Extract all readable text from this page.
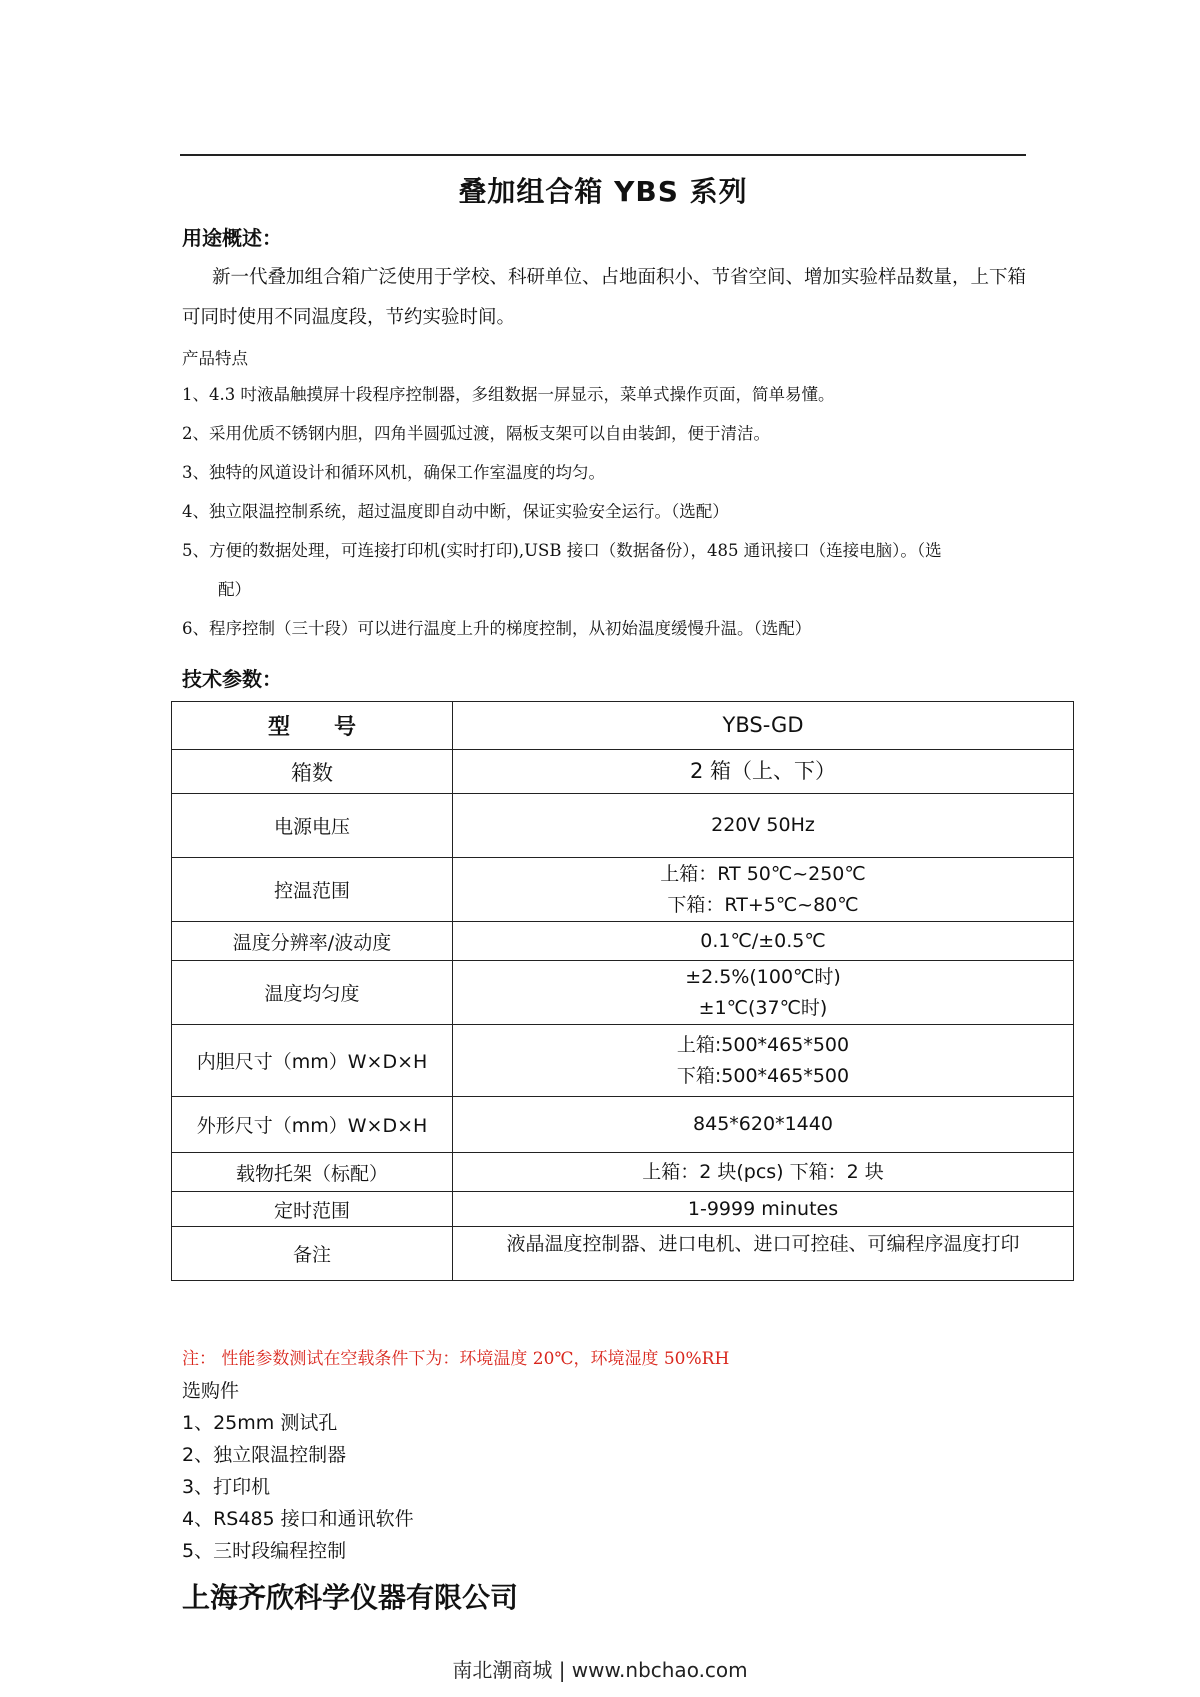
叠加组合箱 YBS 系列
用途概述：
新一代叠加组合箱广泛使用于学校、科研单位、占地面积小、节省空间、增加实验样品数量，上下箱可同时使用不同温度段，节约实验时间。
产品特点
1、4.3 吋液晶触摸屏十段程序控制器，多组数据一屏显示，菜单式操作页面，简单易懂。
2、采用优质不锈钢内胆，四角半圆弧过渡，隔板支架可以自由装卸，便于清洁。
3、独特的风道设计和循环风机，确保工作室温度的均匀。
4、独立限温控制系统，超过温度即自动中断，保证实验安全运行。（选配）
5、方便的数据处理，可连接打印机(实时打印),USB 接口（数据备份），485 通讯接口（连接电脑）。（选
配）
6、程序控制（三十段）可以进行温度上升的梯度控制，从初始温度缓慢升温。（选配）
技术参数：
型　　号	YBS-GD

箱数	2 箱（上、下）

电源电压	220V 50Hz

控温范围	上箱：RT 50℃~250℃
下箱：RT+5℃~80℃

温度分辨率/波动度	0.1℃/±0.5℃

温度均匀度	±2.5%(100℃时)
±1℃(37℃时)

内胆尺寸（mm）W×D×H	上箱:500*465*500
下箱:500*465*500

外形尺寸（mm）W×D×H	845*620*1440

载物托架（标配）	上箱：2 块(pcs) 下箱：2 块

定时范围	1-9999 minutes

备注	液晶温度控制器、进口电机、进口可控硅、可编程序温度打印
注： 性能参数测试在空载条件下为：环境温度 20℃，环境湿度 50%RH
选购件
1、25mm 测试孔
2、独立限温控制器
3、打印机
4、RS485 接口和通讯软件
5、三时段编程控制
上海齐欣科学仪器有限公司
南北潮商城 | www.nbchao.com
